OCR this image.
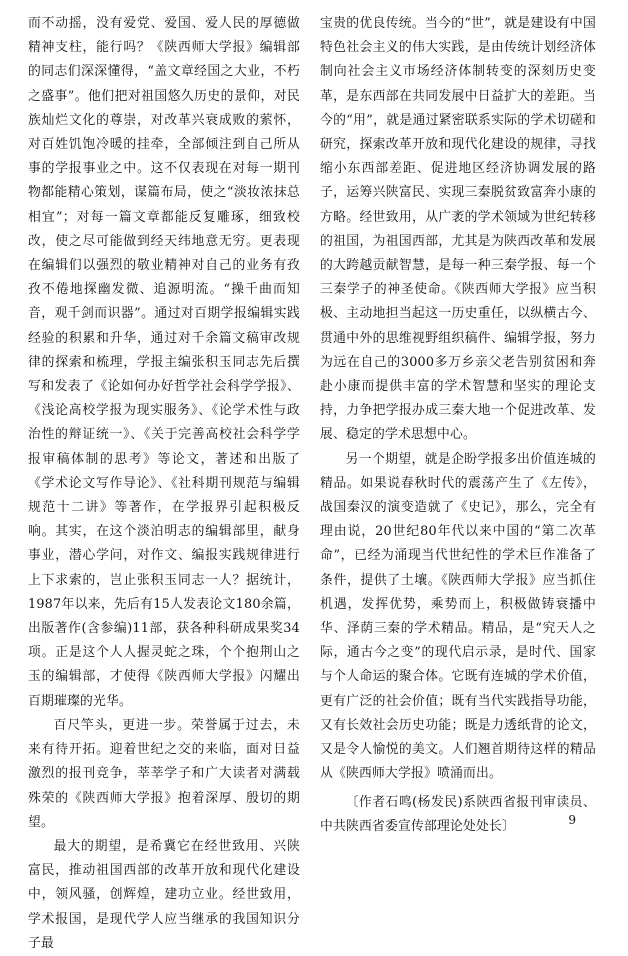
而不动摇，没有爱党、爱国、爱人民的厚德做精神支柱，能行吗？《陕西师大学报》编辑部的同志们深深懂得，“盖文章经国之大业，不朽之盛事”。他们把对祖国悠久历史的景仰，对民族灿烂文化的尊崇，对改革兴衰成败的萦怀，对百姓饥饱冷暖的挂牵，全部倾注到自己所从事的学报事业之中。这不仅表现在对每一期刊物都能精心策划，谋篇布局，使之“淡妆浓抹总相宜”；对每一篇文章都能反复雕琢，细致校改，使之尽可能做到经天纬地意无穷。更表现在编辑们以强烈的敬业精神对自己的业务有孜孜不倦地探幽发微、追源明流。“操千曲而知音，观千剑而识器”。通过对百期学报编辑实践经验的积累和升华，通过对千余篇文稿审改规律的探索和梳理，学报主编张积玉同志先后撰写和发表了《论如何办好哲学社会科学学报》、《浅论高校学报为现实服务》、《论学术性与政治性的辩证统一》、《关于完善高校社会科学学报审稿体制的思考》等论文，著述和出版了《学术论文写作导论》、《社科期刊规范与编辑规范十二讲》等著作，在学报界引起积极反响。其实，在这个淡泊明志的编辑部里，献身事业，潜心学问，对作文、编报实践规律进行上下求索的，岂止张积玉同志一人？据统计，1987年以来，先后有15人发表论文180余篇，出版著作(含参编)11部，获各种科研成果奖34项。正是这个人人握灵蛇之珠，个个抱荆山之玉的编辑部，才使得《陕西师大学报》闪耀出百期璀璨的光华。

百尺竿头，更进一步。荣誉属于过去，未来有待开拓。迎着世纪之交的来临，面对日益激烈的报刊竞争，莘莘学子和广大读者对满载殊荣的《陕西师大学报》抱着深厚、殷切的期望。

最大的期望，是希冀它在经世致用、兴陕富民，推动祖国西部的改革开放和现代化建设中，领风骚，创辉煌，建功立业。经世致用，学术报国，是现代学人应当继承的我国知识分子最

宝贵的优良传统。当今的“世”，就是建设有中国特色社会主义的伟大实践，是由传统计划经济体制向社会主义市场经济体制转变的深刻历史变革，是东西部在共同发展中日益扩大的差距。当今的“用”，就是通过紧密联系实际的学术切磋和研究，探索改革开放和现代化建设的规律，寻找缩小东西部差距、促进地区经济协调发展的路子，运筹兴陕富民、实现三秦脱贫致富奔小康的方略。经世致用，从广袤的学术领域为世纪转移的祖国，为祖国西部，尤其是为陕西改革和发展的大跨越贡献智慧，是每一种三秦学报、每一个三秦学子的神圣使命。《陕西师大学报》应当积极、主动地担当起这一历史重任，以纵横古今、贯通中外的思维视野组织稿件、编辑学报，努力为远在自己的3000多万乡亲父老告别贫困和奔赴小康而提供丰富的学术智慧和坚实的理论支持，力争把学报办成三秦大地一个促进改革、发展、稳定的学术思想中心。

另一个期望，就是企盼学报多出价值连城的精品。如果说春秋时代的震荡产生了《左传》，战国秦汉的演变造就了《史记》，那么，完全有理由说，20世纪80年代以来中国的“第二次革命”，已经为涌现当代世纪性的学术巨作准备了条件，提供了土壤。《陕西师大学报》应当抓住机遇，发挥优势，乘势而上，积极做铸衰播中华、泽荫三秦的学术精品。精品，是“究天人之际，通古今之变”的现代启示录，是时代、国家与个人命运的聚合体。它既有连城的学术价值，更有广泛的社会价值；既有当代实践指导功能，又有长效社会历史功能；既是力透纸背的论文，又是令人愉悦的美文。人们翘首期待这样的精品从《陕西师大学报》喷涌而出。

〔作者石鸣(杨发民)系陕西省报刊审读员、中共陕西省委宣传部理论处处长〕	9
